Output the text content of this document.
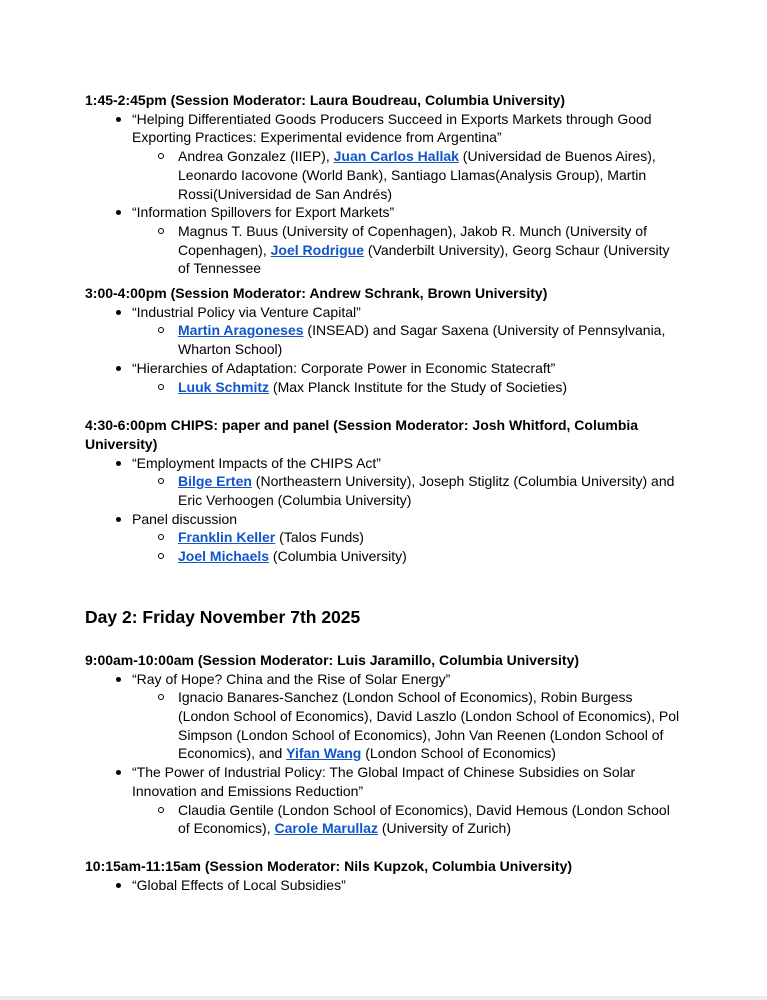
1:45-2:45pm (Session Moderator: Laura Boudreau, Columbia University)
“Helping Differentiated Goods Producers Succeed in Exports Markets through Good Exporting Practices: Experimental evidence from Argentina”
Andrea Gonzalez (IIEP), Juan Carlos Hallak (Universidad de Buenos Aires), Leonardo Iacovone (World Bank), Santiago Llamas(Analysis Group), Martin Rossi(Universidad de San Andrés)
“Information Spillovers for Export Markets”
Magnus T. Buus (University of Copenhagen), Jakob R. Munch (University of Copenhagen), Joel Rodrigue (Vanderbilt University), Georg Schaur (University of Tennessee
3:00-4:00pm (Session Moderator: Andrew Schrank, Brown University)
“Industrial Policy via Venture Capital”
Martin Aragoneses (INSEAD) and Sagar Saxena (University of Pennsylvania, Wharton School)
“Hierarchies of Adaptation: Corporate Power in Economic Statecraft”
Luuk Schmitz (Max Planck Institute for the Study of Societies)
4:30-6:00pm CHIPS: paper and panel (Session Moderator: Josh Whitford, Columbia University)
“Employment Impacts of the CHIPS Act”
Bilge Erten (Northeastern University), Joseph Stiglitz (Columbia University) and Eric Verhoogen (Columbia University)
Panel discussion
Franklin Keller (Talos Funds)
Joel Michaels (Columbia University)
Day 2: Friday November 7th 2025
9:00am-10:00am (Session Moderator: Luis Jaramillo, Columbia University)
“Ray of Hope? China and the Rise of Solar Energy”
Ignacio Banares-Sanchez (London School of Economics), Robin Burgess (London School of Economics), David Laszlo (London School of Economics), Pol Simpson (London School of Economics), John Van Reenen (London School of Economics), and Yifan Wang (London School of Economics)
“The Power of Industrial Policy: The Global Impact of Chinese Subsidies on Solar Innovation and Emissions Reduction”
Claudia Gentile (London School of Economics), David Hemous (London School of Economics), Carole Marullaz (University of Zurich)
10:15am-11:15am (Session Moderator: Nils Kupzok, Columbia University)
“Global Effects of Local Subsidies”
